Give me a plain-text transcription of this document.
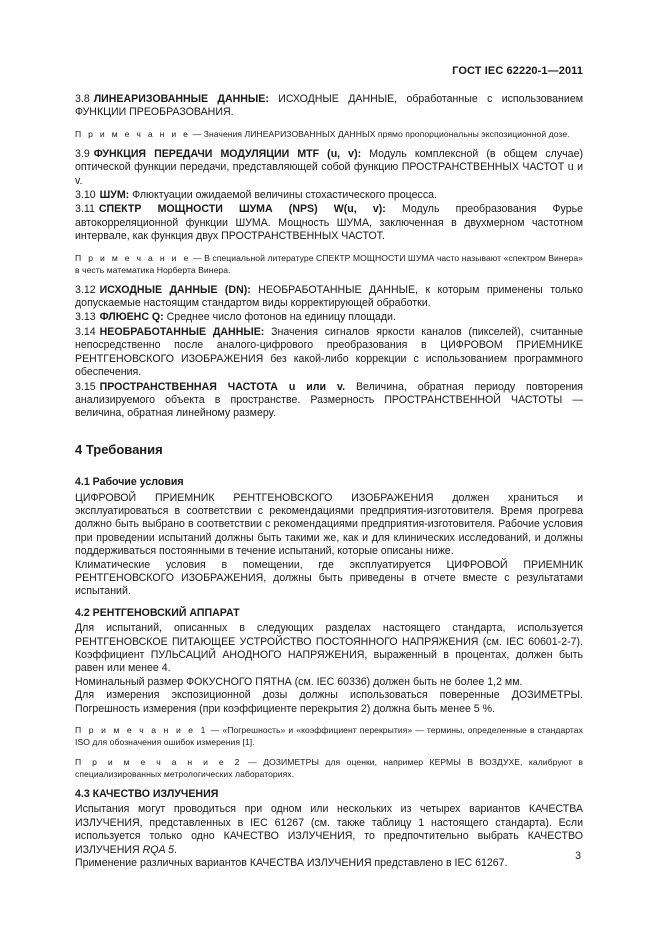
ГОСТ IEC 62220-1—2011

3.8 ЛИНЕАРИЗОВАННЫЕ ДАННЫЕ: ИСХОДНЫЕ ДАННЫЕ, обработанные с использованием ФУНКЦИИ ПРЕОБРАЗОВАНИЯ.

П р и м е ч а н и е — Значения ЛИНЕАРИЗОВАННЫХ ДАННЫХ прямо пропорциональны экспозиционной дозе.

3.9 ФУНКЦИЯ ПЕРЕДАЧИ МОДУЛЯЦИИ MTF (u, v): Модуль комплексной (в общем случае) оптической функции передачи, представляющей собой функцию ПРОСТРАНСТВЕННЫХ ЧАСТОТ u и v.

3.10 ШУМ: Флюктуации ожидаемой величины стохастического процесса.

3.11 СПЕКТР МОЩНОСТИ ШУМА (NPS) W(u, v): Модуль преобразования Фурье автокорреляционной функции ШУМА. Мощность ШУМА, заключенная в двухмерном частотном интервале, как функция двух ПРОСТРАНСТВЕННЫХ ЧАСТОТ.

П р и м е ч а н и е — В специальной литературе СПЕКТР МОЩНОСТИ ШУМА часто называют «спектром Винера» в честь математика Норберта Винера.

3.12 ИСХОДНЫЕ ДАННЫЕ (DN): НЕОБРАБОТАННЫЕ ДАННЫЕ, к которым применены только допускаемые настоящим стандартом виды корректирующей обработки.

3.13 ФЛЮЕНС Q: Среднее число фотонов на единицу площади.

3.14 НЕОБРАБОТАННЫЕ ДАННЫЕ: Значения сигналов яркости каналов (пикселей), считанные непосредственно после аналого-цифрового преобразования в ЦИФРОВОМ ПРИЕМНИКЕ РЕНТГЕНОВСКОГО ИЗОБРАЖЕНИЯ без какой-либо коррекции с использованием программного обеспечения.

3.15 ПРОСТРАНСТВЕННАЯ ЧАСТОТА u или v. Величина, обратная периоду повторения анализируемого объекта в пространстве. Размерность ПРОСТРАНСТВЕННОЙ ЧАСТОТЫ — величина, обратная линейному размеру.

4 Требования
4.1 Рабочие условия

ЦИФРОВОЙ ПРИЕМНИК РЕНТГЕНОВСКОГО ИЗОБРАЖЕНИЯ должен храниться и эксплуатироваться в соответствии с рекомендациями предприятия-изготовителя. Время прогрева должно быть выбрано в соответствии с рекомендациями предприятия-изготовителя. Рабочие условия при проведении испытаний должны быть такими же, как и для клинических исследований, и должны поддерживаться постоянными в течение испытаний, которые описаны ниже.

Климатические условия в помещении, где эксплуатируется ЦИФРОВОЙ ПРИЕМНИК РЕНТГЕНОВСКОГО ИЗОБРАЖЕНИЯ, должны быть приведены в отчете вместе с результатами испытаний.

4.2 РЕНТГЕНОВСКИЙ АППАРАТ

Для испытаний, описанных в следующих разделах настоящего стандарта, используется РЕНТГЕНОВСКОЕ ПИТАЮЩЕЕ УСТРОЙСТВО ПОСТОЯННОГО НАПРЯЖЕНИЯ (см. IEC 60601-2-7). Коэффициент ПУЛЬСАЦИЙ АНОДНОГО НАПРЯЖЕНИЯ, выраженный в процентах, должен быть равен или менее 4.

Номинальный размер ФОКУСНОГО ПЯТНА (см. IEC 60336) должен быть не более 1,2 мм.

Для измерения экспозиционной дозы должны использоваться поверенные ДОЗИМЕТРЫ. Погрешность измерения (при коэффициенте перекрытия 2) должна быть менее 5 %.

П р и м е ч а н и е 1 — «Погрешность» и «коэффициент перекрытия» — термины, определенные в стандартах ISO для обозначения ошибок измерения [1].

П р и м е ч а н и е 2 — ДОЗИМЕТРЫ для оценки, например КЕРМЫ В ВОЗДУХЕ, калибруют в специализированных метрологических лабораториях.

4.3 КАЧЕСТВО ИЗЛУЧЕНИЯ

Испытания могут проводиться при одном или нескольких из четырех вариантов КАЧЕСТВА ИЗЛУЧЕНИЯ, представленных в IEC 61267 (см. также таблицу 1 настоящего стандарта). Если используется только одно КАЧЕСТВО ИЗЛУЧЕНИЯ, то предпочтительно выбрать КАЧЕСТВО ИЗЛУЧЕНИЯ RQA 5.

Применение различных вариантов КАЧЕСТВА ИЗЛУЧЕНИЯ представлено в IEC 61267.

3
